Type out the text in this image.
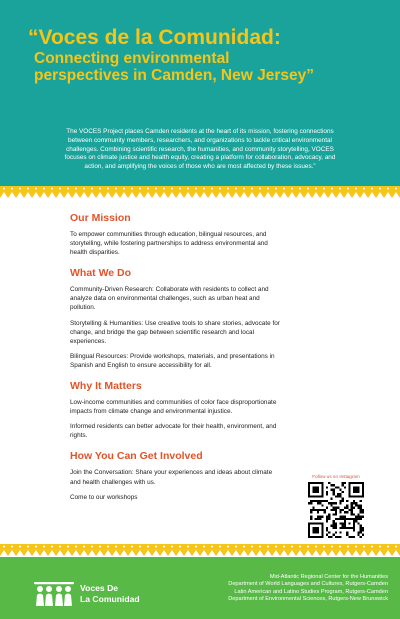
“Voces de la Comunidad:
Connecting environmental
perspectives in Camden, New Jersey”

The VOCES Project places Camden residents at the heart of its mission, fostering connections between community members, researchers, and organizations to tackle critical environmental challenges. Combining scientific research, the humanities, and community storytelling, VOCES focuses on climate justice and health equity, creating a platform for collaboration, advocacy, and action, and amplifying the voices of those who are most affected by these issues.”

Our Mission
To empower communities through education, bilingual resources, and storytelling, while fostering partnerships to address environmental and health disparities.
What We Do
Community-Driven Research: Collaborate with residents to collect and analyze data on environmental challenges, such as urban heat and pollution.
Storytelling & Humanities: Use creative tools to share stories, advocate for change, and bridge the gap between scientific research and local experiences.
Bilingual Resources: Provide workshops, materials, and presentations in Spanish and English to ensure accessibility for all.
Why It Matters
Low-income communities and communities of color face disproportionate impacts from climate change and environmental injustice.
Informed residents can better advocate for their health, environment, and rights.
How You Can Get Involved
Join the Conversation: Share your experiences and ideas about climate and health challenges with us.
Come to our workshops
Follow us on Instagram
Voces De
La Comunidad
Mid-Atlantic Regional Center for the Humanities
Department of World Languages and Cultures, Rutgers-Camden
Latin American and Latino Studies Program, Rutgers-Camden
Department of Environmental Sciences, Rutgers-New Brunswick
